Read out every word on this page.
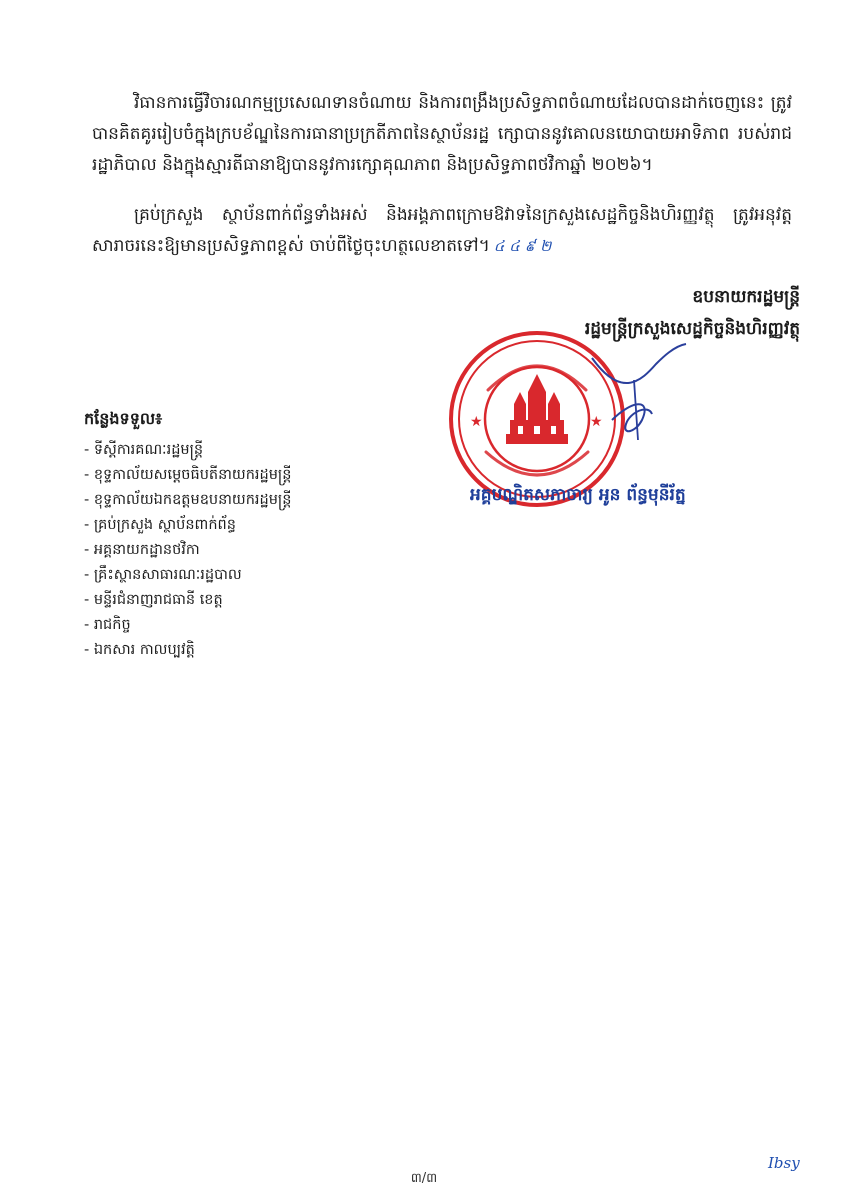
វិធានការធ្វើវិចារណកម្មប្រសេណទានចំណាយ និងការពង្រឹងប្រសិទ្ធភាពចំណាយដែលបានដាក់ចេញនេះ ត្រូវបានគិតគូររៀបចំក្នុងក្របខ័ណ្ឌនៃការធានាប្រក្រតីភាពនៃស្ថាប័នរដ្ឋ ក្សោបាននូវគោលនយោបាយអាទិភាព របស់រាជរដ្ឋាភិបាល និងក្នុងស្មារតីធានាឱ្យបាននូវការក្សោគុណភាព និងប្រសិទ្ធភាពថវិកាឆ្នាំ ២០២៦។

គ្រប់ក្រសួង ស្ថាប័នពាក់ព័ន្ធទាំងអស់ និងអង្គភាពក្រោមឱវាទនៃក្រសួងសេដ្ឋកិច្ចនិងហិរញ្ញវត្ថុ ត្រូវអនុវត្តសារាចរនេះឱ្យមានប្រសិទ្ធភាពខ្ពស់ ចាប់ពីថ្ងៃចុះហត្ថលេខាតទៅ។ ៤ ៤ ៩ ២

★	★

ឧបនាយករដ្ឋមន្ត្រី

រដ្ឋមន្ត្រីក្រសួងសេដ្ឋកិច្ចនិងហិរញ្ញវត្ថុ

អគ្គបណ្ឌិតសភាចារ្យ អូន ព័ន្ធមុនីរ័ត្ន

កន្លែងទទួល៖

- ទីស្តីការគណៈរដ្ឋមន្ត្រី
- ខុទ្ទកាល័យសម្តេចធិបតីនាយករដ្ឋមន្ត្រី
- ខុទ្ទកាល័យឯកឧត្តមឧបនាយករដ្ឋមន្ត្រី
- គ្រប់ក្រសួង ស្ថាប័នពាក់ព័ន្ធ
- អគ្គនាយកដ្ឋានថវិកា
- គ្រឹះស្ថានសាធារណៈរដ្ឋបាល
- មន្ទីរជំនាញរាជធានី ខេត្ត
- រាជកិច្ច
- ឯកសារ កាលប្បវត្តិ
៣/៣
Ibsy
